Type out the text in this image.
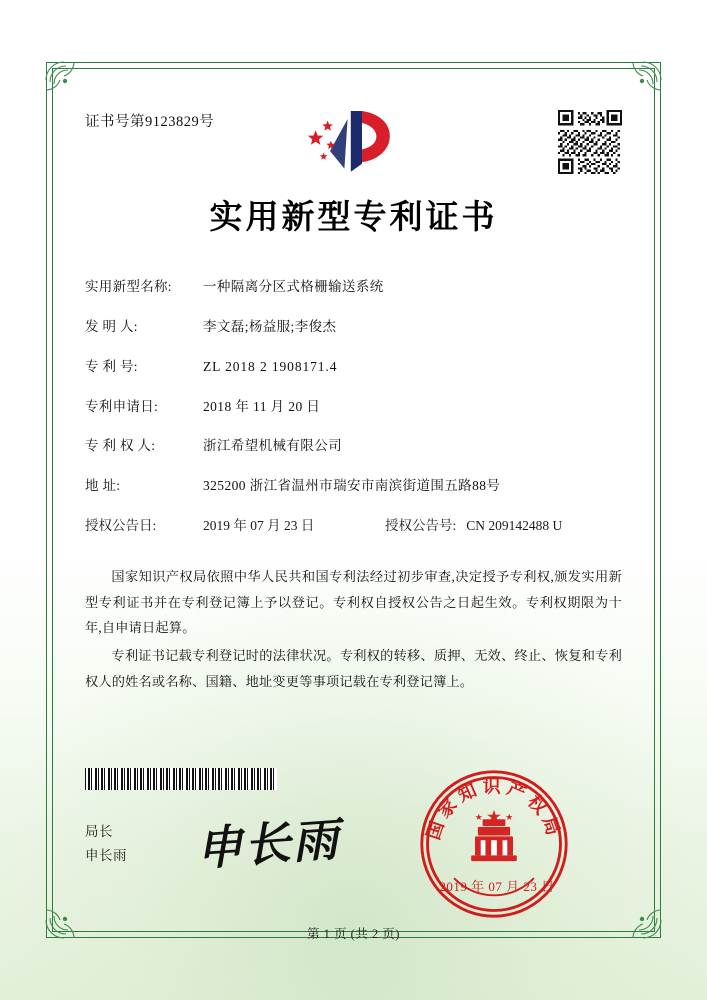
证书号第9123829号
实用新型专利证书
实用新型名称:	一种隔离分区式格栅输送系统
发 明 人:	李文磊;杨益服;李俊杰
专 利 号:	ZL 2018 2 1908171.4
专利申请日:	2018 年 11 月 20 日
专 利 权 人:	浙江希望机械有限公司
地 址:	325200 浙江省温州市瑞安市南滨街道围五路88号
授权公告日:	2019 年 07 月 23 日	授权公告号: CN 209142488 U
国家知识产权局依照中华人民共和国专利法经过初步审查,决定授予专利权,颁发实用新型专利证书并在专利登记簿上予以登记。专利权自授权公告之日起生效。专利权期限为十年,自申请日起算。
专利证书记载专利登记时的法律状况。专利权的转移、质押、无效、终止、恢复和专利权人的姓名或名称、国籍、地址变更等事项记载在专利登记簿上。
局长
申长雨 申长雨	国家知识产权局
2019 年 07 月 23 日
第 1 页 (共 2 页)
